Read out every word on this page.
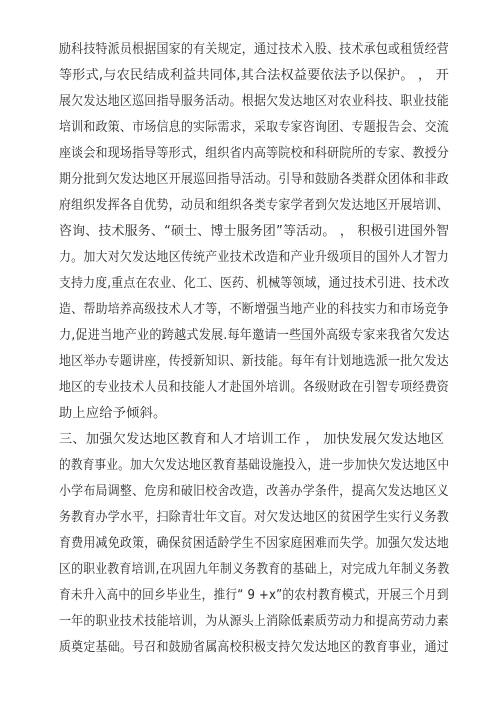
励科技特派员根据国家的有关规定，通过技术入股、技术承包或租赁经营
等形式,与农民结成利益共同体,其合法权益要依法予以保护。 ， 开
展欠发达地区巡回指导服务活动。根据欠发达地区对农业科技、职业技能
培训和政策、市场信息的实际需求，采取专家咨询团、专题报告会、交流
座谈会和现场指导等形式，组织省内高等院校和科研院所的专家、教授分
期分批到欠发达地区开展巡回指导活动。引导和鼓励各类群众团体和非政
府组织发挥各自优势，动员和组织各类专家学者到欠发达地区开展培训、
咨询、技术服务、“硕士、博士服务团”等活动。 ， 积极引进国外智
力。加大对欠发达地区传统产业技术改造和产业升级项目的国外人才智力
支持力度,重点在农业、化工、医药、机械等领域，通过技术引进、技术改
造、帮助培养高级技术人才等，不断增强当地产业的科技实力和市场竞争
力,促进当地产业的跨越式发展.每年邀请一些国外高级专家来我省欠发达
地区举办专题讲座，传授新知识、新技能。每年有计划地选派一批欠发达
地区的专业技术人员和技能人才赴国外培训。各级财政在引智专项经费资
助上应给予倾斜。
三、加强欠发达地区教育和人才培训工作 ， 加快发展欠发达地区
的教育事业。加大欠发达地区教育基础设施投入，进一步加快欠发达地区中
小学布局调整、危房和破旧校舍改造，改善办学条件，提高欠发达地区义
务教育办学水平，扫除青壮年文盲。对欠发达地区的贫困学生实行义务教
育费用减免政策，确保贫困适龄学生不因家庭困难而失学。加强欠发达地
区的职业教育培训,在巩固九年制义务教育的基础上，对完成九年制义务教
育未升入高中的回乡毕业生，推行“ 9 +x”的农村教育模式，开展三个月到
一年的职业技术技能培训，为从源头上消除低素质劳动力和提高劳动力素
质奠定基础。号召和鼓励省属高校积极支持欠发达地区的教育事业，通过
